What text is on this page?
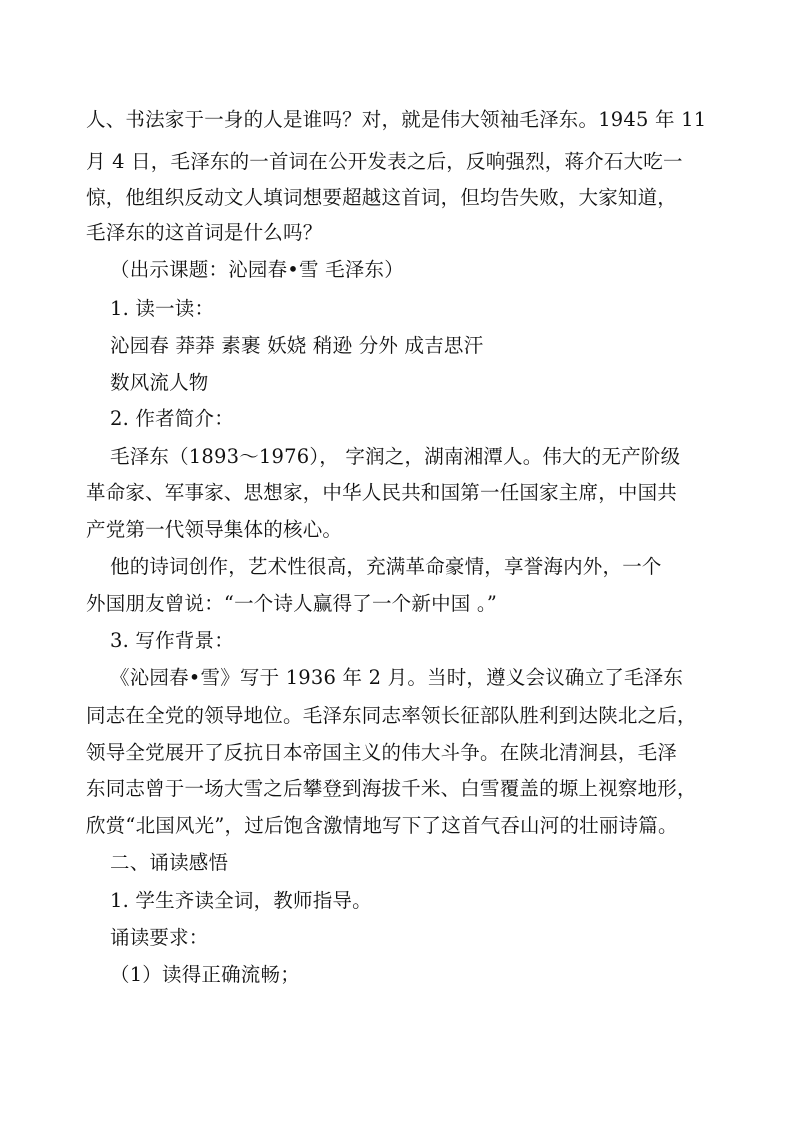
人、书法家于一身的人是谁吗？对，就是伟大领袖毛泽东。1945 年 11
月 4 日，毛泽东的一首词在公开发表之后，反响强烈，蒋介石大吃一
惊，他组织反动文人填词想要超越这首词，但均告失败，大家知道，
毛泽东的这首词是什么吗？
（出示课题：沁园春•雪 毛泽东）
1. 读一读：
沁园春 莽莽 素裹 妖娆 稍逊 分外 成吉思汗
数风流人物
2. 作者简介：
毛泽东（1893～1976）， 字润之，湖南湘潭人。伟大的无产阶级
革命家、军事家、思想家，中华人民共和国第一任国家主席，中国共
产党第一代领导集体的核心。
他的诗词创作，艺术性很高，充满革命豪情，享誉海内外，一个
外国朋友曾说：“一个诗人赢得了一个新中国 。”
3. 写作背景：
《沁园春•雪》写于 1936 年 2 月。当时，遵义会议确立了毛泽东
同志在全党的领导地位。毛泽东同志率领长征部队胜利到达陕北之后，
领导全党展开了反抗日本帝国主义的伟大斗争。在陕北清涧县，毛泽
东同志曾于一场大雪之后攀登到海拔千米、白雪覆盖的塬上视察地形，
欣赏“北国风光”，过后饱含激情地写下了这首气吞山河的壮丽诗篇。
二、诵读感悟
1. 学生齐读全词，教师指导。
诵读要求：
（1）读得正确流畅；
